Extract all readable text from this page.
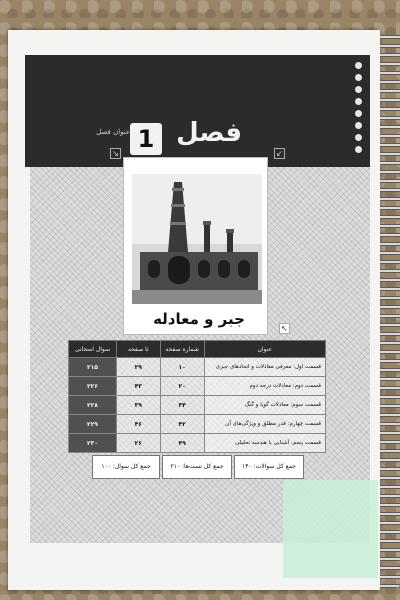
فصل
1
عنوان فصل
↘	↙
↖
جبر و معادله
عنوان	شماره صفحه	تا صفحه	سوال امتحانی
قسمت اول: معرفی معادلات و اتحادهای جبری	۱۰	۲۹	۲۱۵
قسمت دوم: معادلات درجه دوم	۲۰	۴۳	۲۲۶
قسمت سوم: معادلات گویا و گنگ	۳۴	۳۹	۲۲۸
قسمت چهارم: قدر مطلق و ویژگی‌های آن	۴۲	۴۶	۲۲۹
قسمت پنجم: آشنایی با هندسه تحلیلی	۴۹	۲۶	۲۳۰
جمع کل سوالات: ۱۴۰
جمع کل تست‌ها: ۲۱۰
جمع کل سوال: ۱۰۰
